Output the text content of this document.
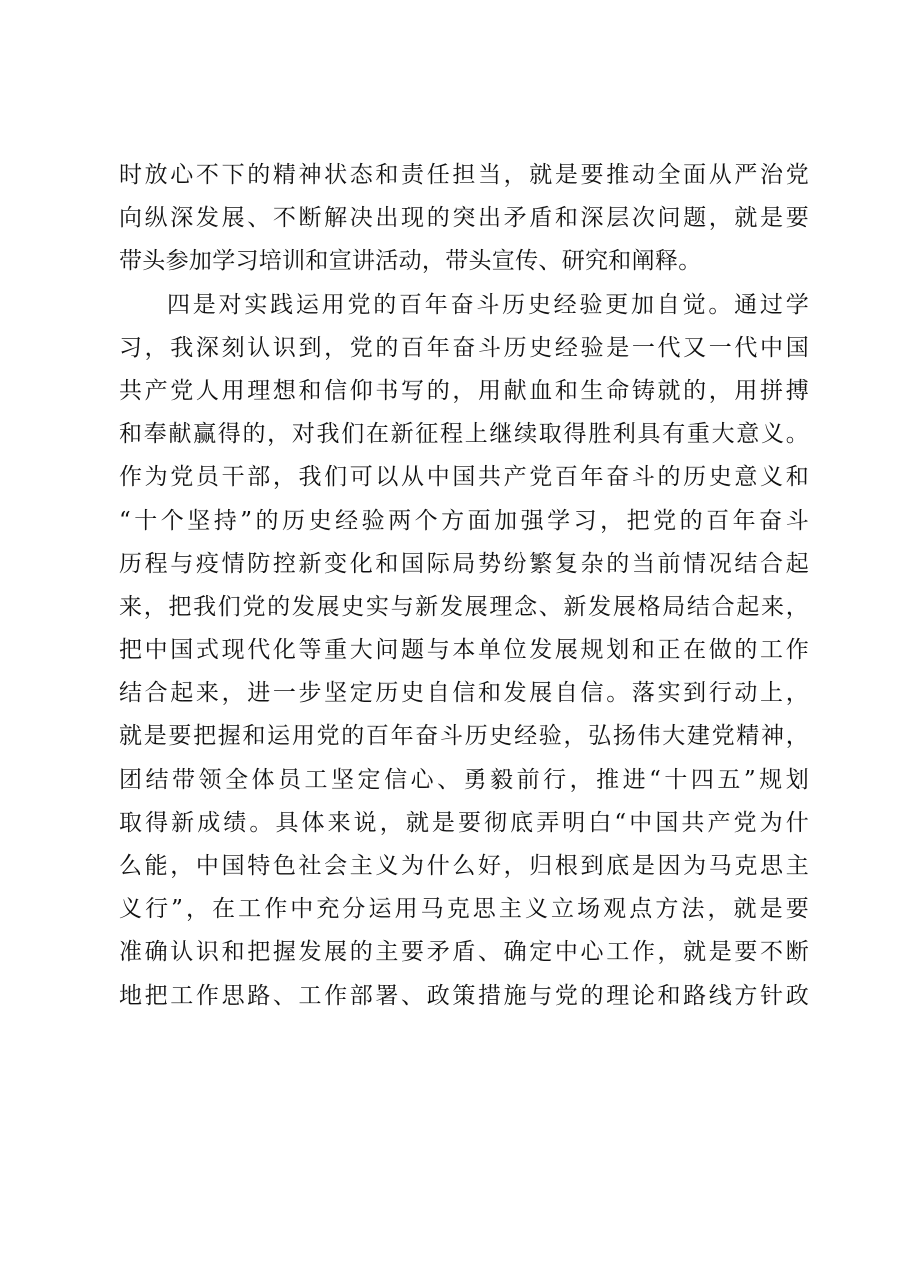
时放心不下的精神状态和责任担当，就是要推动全面从严治党
向纵深发展、不断解决出现的突出矛盾和深层次问题，就是要
带头参加学习培训和宣讲活动，带头宣传、研究和阐释。
四是对实践运用党的百年奋斗历史经验更加自觉。通过学
习，我深刻认识到，党的百年奋斗历史经验是一代又一代中国
共产党人用理想和信仰书写的，用献血和生命铸就的，用拼搏
和奉献赢得的，对我们在新征程上继续取得胜利具有重大意义。
作为党员干部，我们可以从中国共产党百年奋斗的历史意义和
“十个坚持”的历史经验两个方面加强学习，把党的百年奋斗
历程与疫情防控新变化和国际局势纷繁复杂的当前情况结合起
来，把我们党的发展史实与新发展理念、新发展格局结合起来，
把中国式现代化等重大问题与本单位发展规划和正在做的工作
结合起来，进一步坚定历史自信和发展自信。落实到行动上，
就是要把握和运用党的百年奋斗历史经验，弘扬伟大建党精神，
团结带领全体员工坚定信心、勇毅前行，推进“十四五”规划
取得新成绩。具体来说，就是要彻底弄明白“中国共产党为什
么能，中国特色社会主义为什么好，归根到底是因为马克思主
义行”，在工作中充分运用马克思主义立场观点方法，就是要
准确认识和把握发展的主要矛盾、确定中心工作，就是要不断
地把工作思路、工作部署、政策措施与党的理论和路线方针政
